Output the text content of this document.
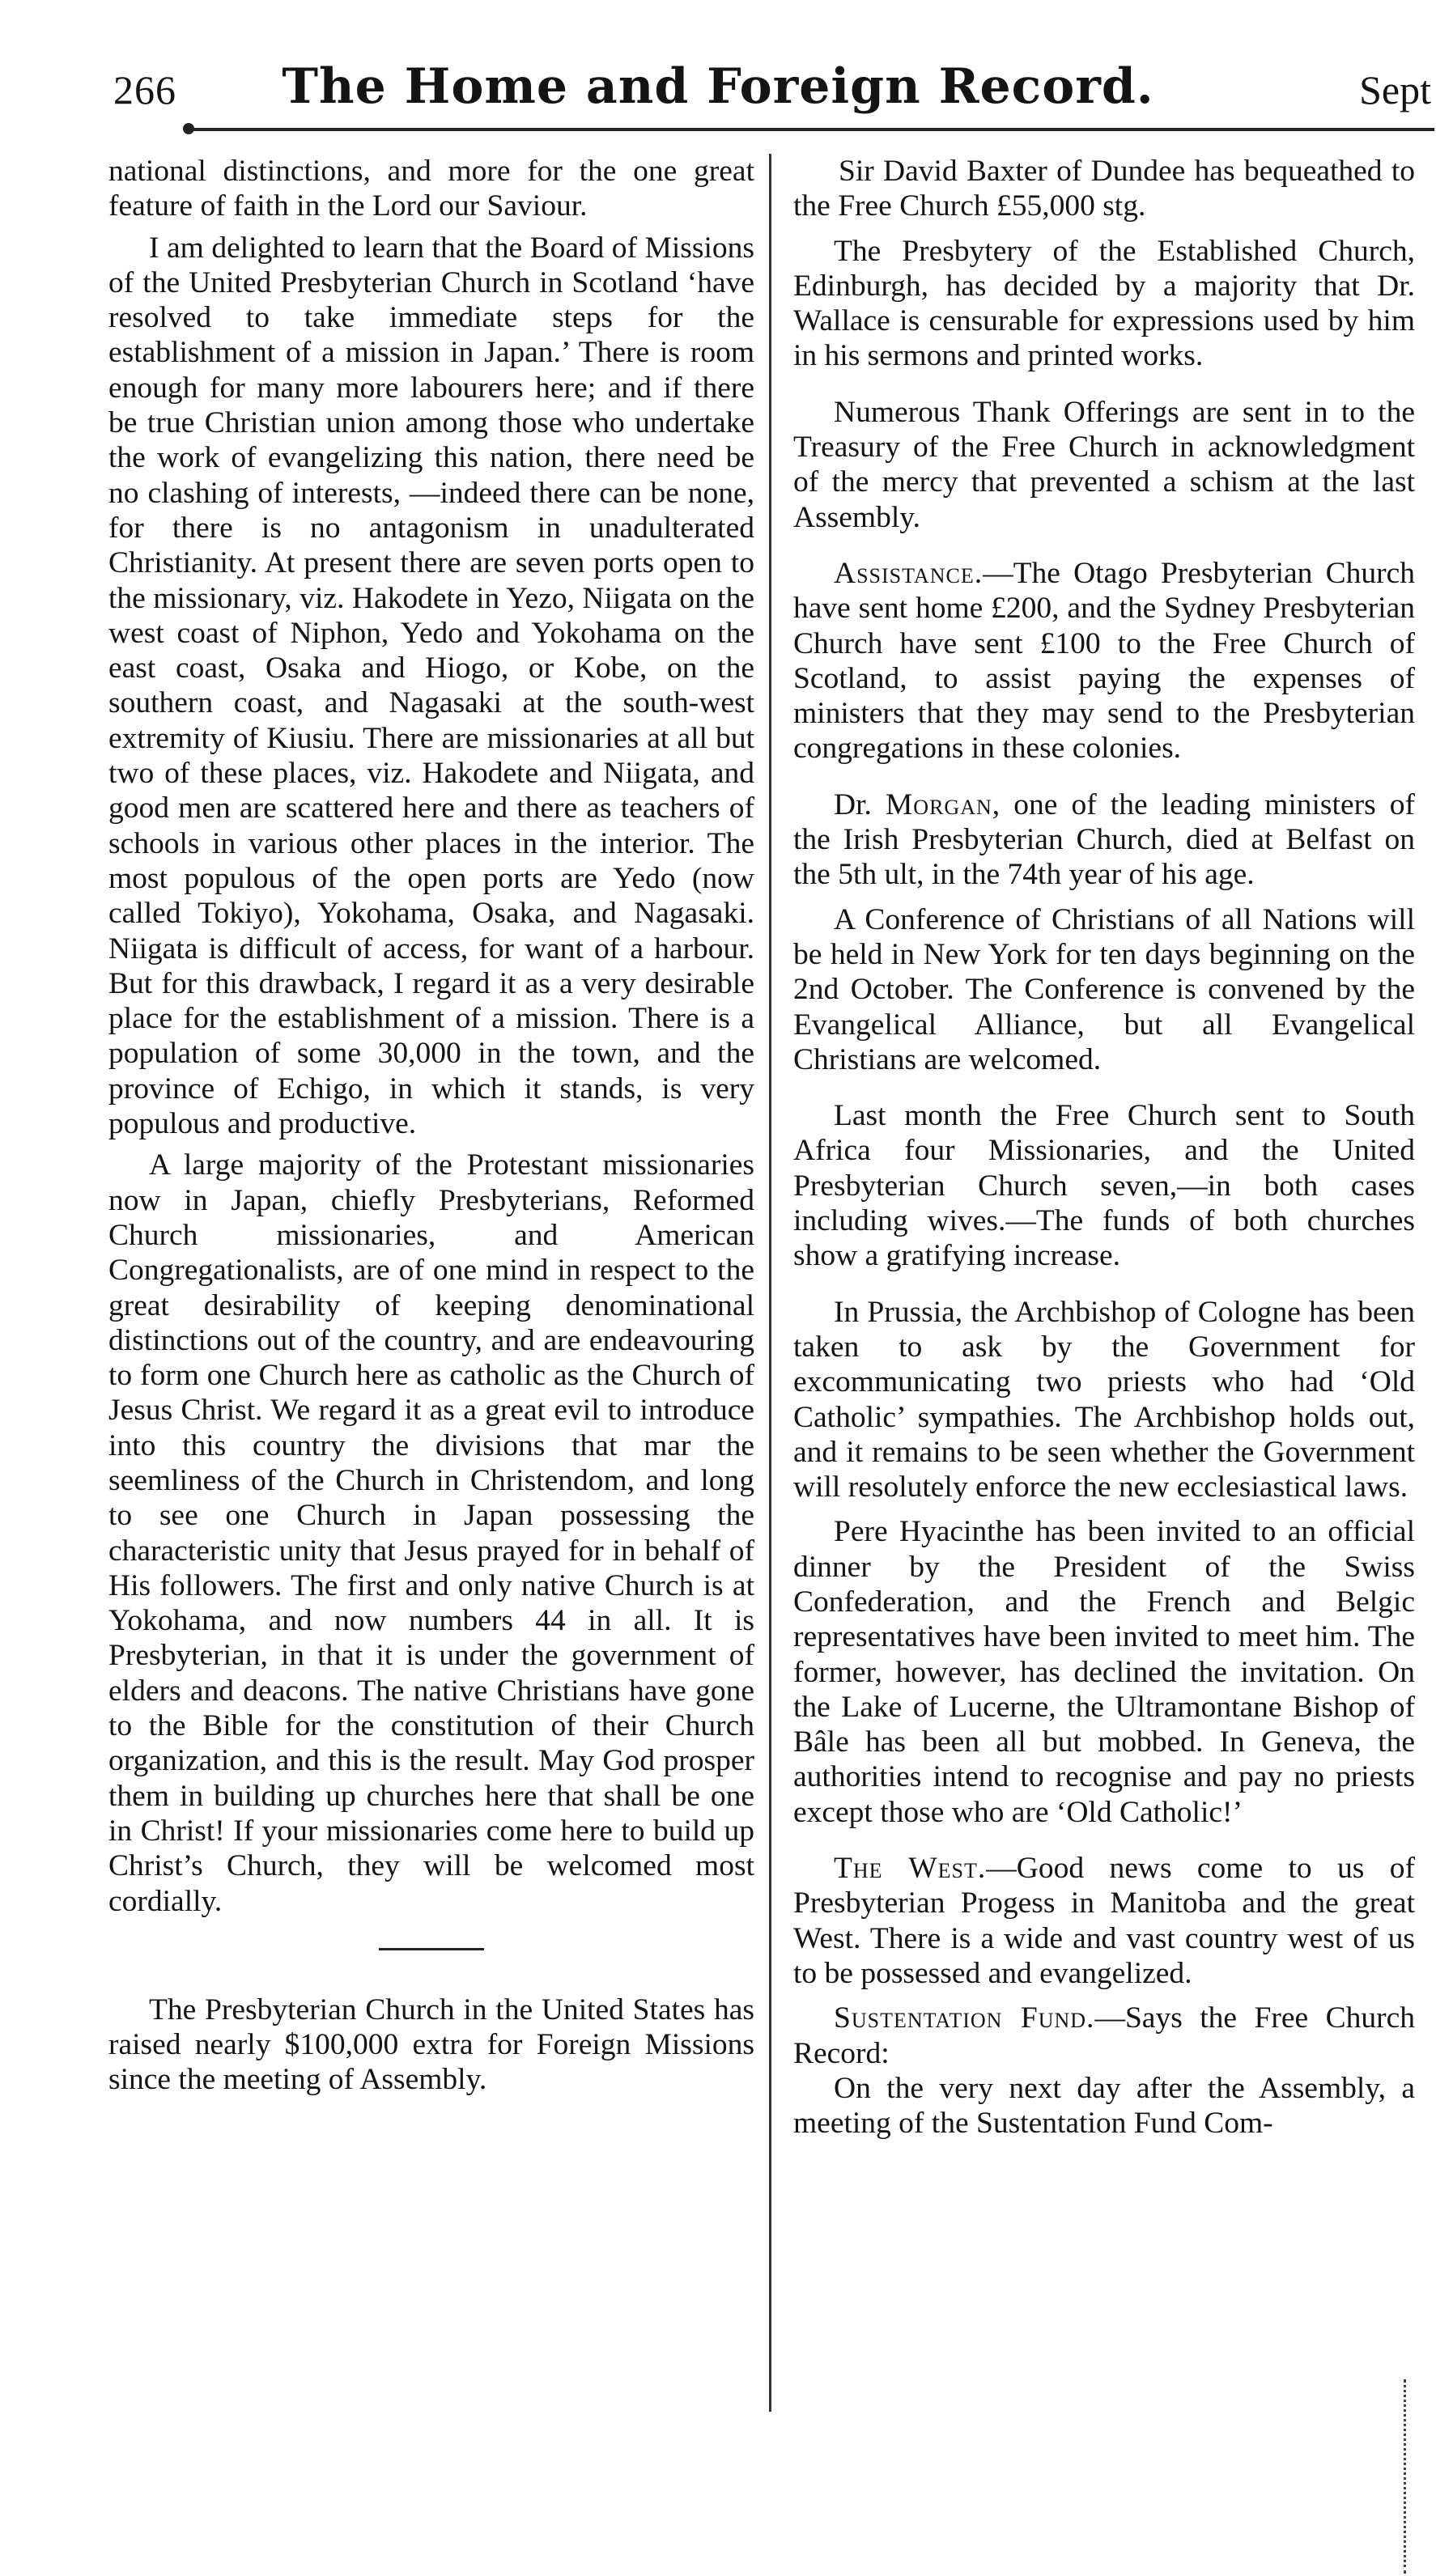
266	The Home and Foreign Record.	Sept

national distinctions, and more for the one great feature of faith in the Lord our Saviour.

I am delighted to learn that the Board of Missions of the United Presbyterian Church in Scotland ‘have resolved to take immediate steps for the establishment of a mission in Japan.’ There is room enough for many more labourers here; and if there be true Christian union among those who undertake the work of evangelizing this nation, there need be no clashing of interests, —indeed there can be none, for there is no antagonism in unadulterated Christianity. At present there are seven ports open to the missionary, viz. Hakodete in Yezo, Niigata on the west coast of Niphon, Yedo and Yokohama on the east coast, Osaka and Hiogo, or Kobe, on the southern coast, and Nagasaki at the south-west extremity of Kiusiu. There are missionaries at all but two of these places, viz. Hakodete and Niigata, and good men are scattered here and there as teachers of schools in various other places in the interior. The most populous of the open ports are Yedo (now called Tokiyo), Yokohama, Osaka, and Nagasaki. Niigata is difficult of access, for want of a harbour. But for this drawback, I regard it as a very desirable place for the establishment of a mission. There is a population of some 30,000 in the town, and the province of Echigo, in which it stands, is very populous and productive.

A large majority of the Protestant missionaries now in Japan, chiefly Presbyterians, Reformed Church missionaries, and American Congregationalists, are of one mind in respect to the great desirability of keeping denominational distinctions out of the country, and are endeavouring to form one Church here as catholic as the Church of Jesus Christ. We regard it as a great evil to introduce into this country the divisions that mar the seemliness of the Church in Christendom, and long to see one Church in Japan possessing the characteristic unity that Jesus prayed for in behalf of His followers. The first and only native Church is at Yokohama, and now numbers 44 in all. It is Presbyterian, in that it is under the government of elders and deacons. The native Christians have gone to the Bible for the constitution of their Church organization, and this is the result. May God prosper them in building up churches here that shall be one in Christ! If your missionaries come here to build up Christ’s Church, they will be welcomed most cordially.

The Presbyterian Church in the United States has raised nearly $100,000 extra for Foreign Missions since the meeting of Assembly.

Sir David Baxter of Dundee has bequeathed to the Free Church £55,000 stg.

The Presbytery of the Established Church, Edinburgh, has decided by a majority that Dr. Wallace is censurable for expressions used by him in his sermons and printed works.

Numerous Thank Offerings are sent in to the Treasury of the Free Church in acknowledgment of the mercy that prevented a schism at the last Assembly.

Assistance.—The Otago Presbyterian Church have sent home £200, and the Sydney Presbyterian Church have sent £100 to the Free Church of Scotland, to assist paying the expenses of ministers that they may send to the Presbyterian congregations in these colonies.

Dr. Morgan, one of the leading ministers of the Irish Presbyterian Church, died at Belfast on the 5th ult, in the 74th year of his age.

A Conference of Christians of all Nations will be held in New York for ten days beginning on the 2nd October. The Conference is convened by the Evangelical Alliance, but all Evangelical Christians are welcomed.

Last month the Free Church sent to South Africa four Missionaries, and the United Presbyterian Church seven,—in both cases including wives.—The funds of both churches show a gratifying increase.

In Prussia, the Archbishop of Cologne has been taken to ask by the Government for excommunicating two priests who had ‘Old Catholic’ sympathies. The Archbishop holds out, and it remains to be seen whether the Government will resolutely enforce the new ecclesiastical laws.

Pere Hyacinthe has been invited to an official dinner by the President of the Swiss Confederation, and the French and Belgic representatives have been invited to meet him. The former, however, has declined the invitation. On the Lake of Lucerne, the Ultramontane Bishop of Bâle has been all but mobbed. In Geneva, the authorities intend to recognise and pay no priests except those who are ‘Old Catholic!’

The West.—Good news come to us of Presbyterian Progess in Manitoba and the great West. There is a wide and vast country west of us to be possessed and evangelized.

Sustentation Fund.—Says the Free Church Record:

On the very next day after the Assembly, a meeting of the Sustentation Fund Com-
